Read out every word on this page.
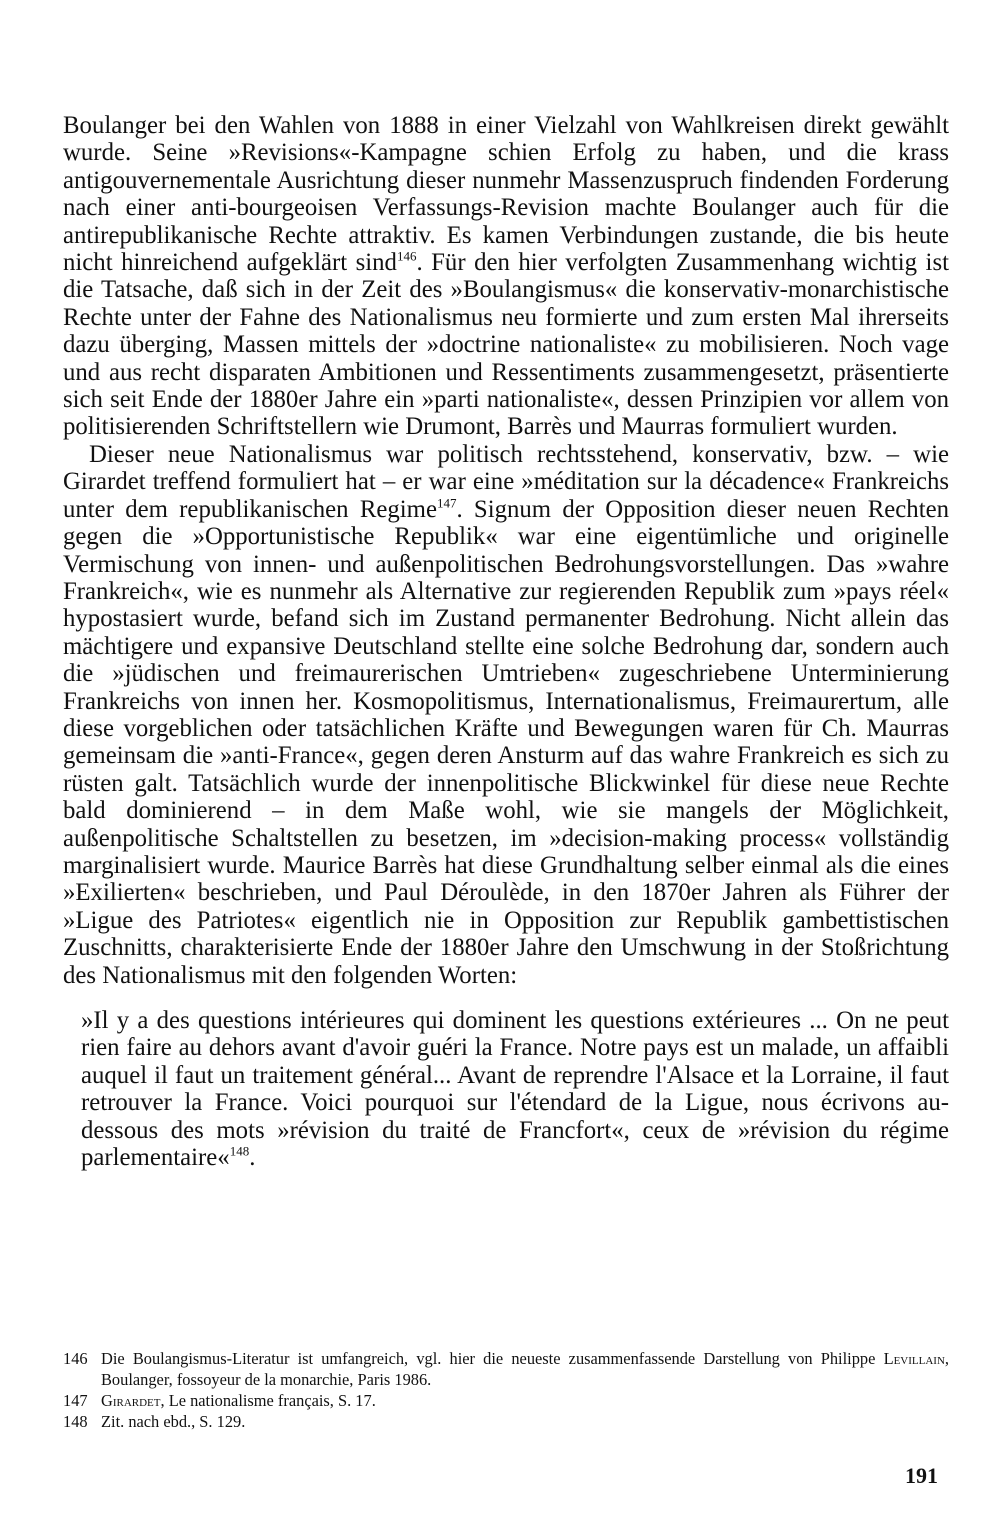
Boulanger bei den Wahlen von 1888 in einer Vielzahl von Wahlkreisen direkt gewählt wurde. Seine »Revisions«-Kampagne schien Erfolg zu haben, und die krass antigouvernementale Ausrichtung dieser nunmehr Massenzuspruch findenden Forderung nach einer anti-bourgeoisen Verfassungs-Revision machte Boulanger auch für die antirepublikanische Rechte attraktiv. Es kamen Verbindungen zustande, die bis heute nicht hinreichend aufgeklärt sind$^{146}$. Für den hier verfolgten Zusammenhang wichtig ist die Tatsache, daß sich in der Zeit des »Boulangismus« die konservativ-monarchistische Rechte unter der Fahne des Nationalismus neu formierte und zum ersten Mal ihrerseits dazu überging, Massen mittels der »doctrine nationaliste« zu mobilisieren. Noch vage und aus recht disparaten Ambitionen und Ressentiments zusammengesetzt, präsentierte sich seit Ende der 1880er Jahre ein »parti nationaliste«, dessen Prinzipien vor allem von politisierenden Schriftstellern wie Drumont, Barrès und Maurras formuliert wurden.

Dieser neue Nationalismus war politisch rechtsstehend, konservativ, bzw. – wie Girardet treffend formuliert hat – er war eine »méditation sur la décadence« Frankreichs unter dem republikanischen Regime$^{147}$. Signum der Opposition dieser neuen Rechten gegen die »Opportunistische Republik« war eine eigentümliche und originelle Vermischung von innen- und außenpolitischen Bedrohungsvorstellungen. Das »wahre Frankreich«, wie es nunmehr als Alternative zur regierenden Republik zum »pays réel« hypostasiert wurde, befand sich im Zustand permanenter Bedrohung. Nicht allein das mächtigere und expansive Deutschland stellte eine solche Bedrohung dar, sondern auch die »jüdischen und freimaurerischen Umtrieben« zugeschriebene Unterminierung Frankreichs von innen her. Kosmopolitismus, Internationalismus, Freimaurertum, alle diese vorgeblichen oder tatsächlichen Kräfte und Bewegungen waren für Ch. Maurras gemeinsam die »anti-France«, gegen deren Ansturm auf das wahre Frankreich es sich zu rüsten galt. Tatsächlich wurde der innenpolitische Blickwinkel für diese neue Rechte bald dominierend – in dem Maße wohl, wie sie mangels der Möglichkeit, außenpolitische Schaltstellen zu besetzen, im »decision-making process« vollständig marginalisiert wurde. Maurice Barrès hat diese Grundhaltung selber einmal als die eines »Exilierten« beschrieben, und Paul Déroulède, in den 1870er Jahren als Führer der »Ligue des Patriotes« eigentlich nie in Opposition zur Republik gambettistischen Zuschnitts, charakterisierte Ende der 1880er Jahre den Umschwung in der Stoßrichtung des Nationalismus mit den folgenden Worten:

»Il y a des questions intérieures qui dominent les questions extérieures ... On ne peut rien faire au dehors avant d'avoir guéri la France. Notre pays est un malade, un affaibli auquel il faut un traitement général... Avant de reprendre l'Alsace et la Lorraine, il faut retrouver la France. Voici pourquoi sur l'étendard de la Ligue, nous écrivons au-dessous des mots »révision du traité de Francfort«, ceux de »révision du régime parlementaire«$^{148}$.

146 Die Boulangismus-Literatur ist umfangreich, vgl. hier die neueste zusammenfassende Darstellung von Philippe Levillain, Boulanger, fossoyeur de la monarchie, Paris 1986.
147 Girardet, Le nationalisme français, S. 17.
148 Zit. nach ebd., S. 129.
191
